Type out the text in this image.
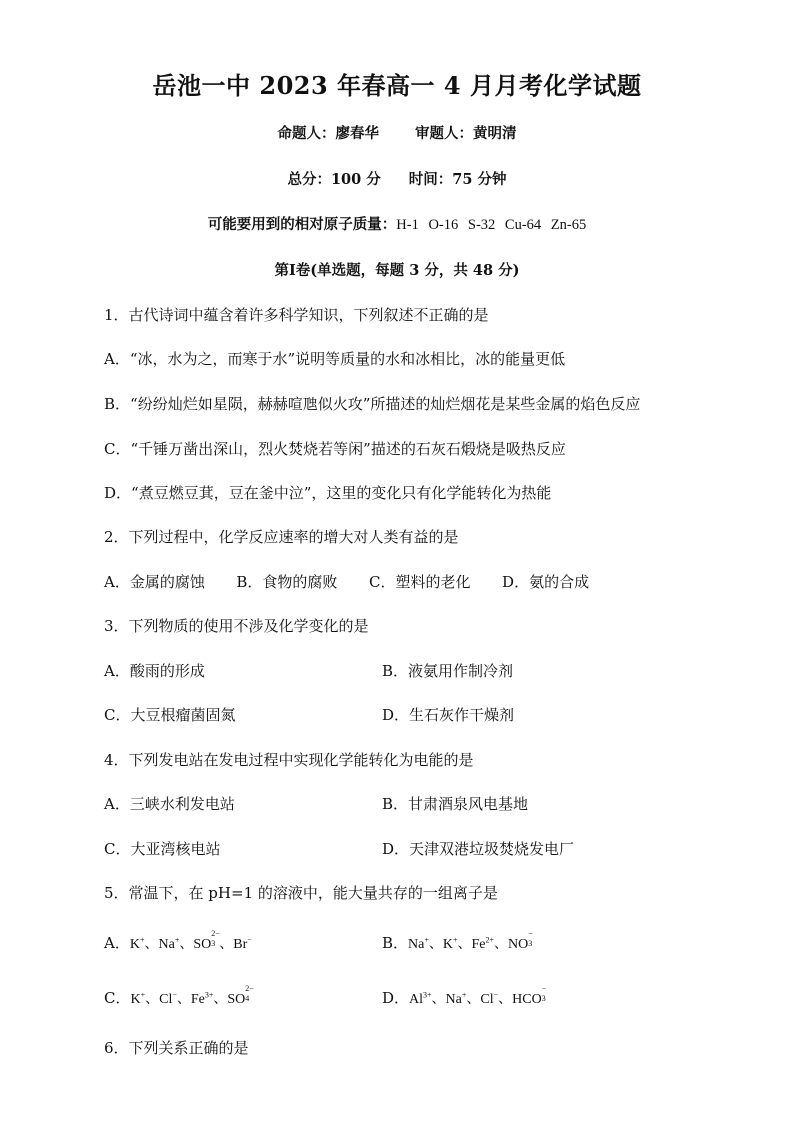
岳池一中 2023 年春高一 4 月月考化学试题
命题人：廖春华 审题人：黄明清
总分：100 分 时间：75 分钟
可能要用到的相对原子质量：H-1 O-16 S-32 Cu-64 Zn-65
第Ⅰ卷(单选题，每题 3 分，共 48 分)
1．古代诗词中蕴含着许多科学知识，下列叙述不正确的是
A．“冰，水为之，而寒于水”说明等质量的水和冰相比，冰的能量更低
B．“纷纷灿烂如星陨，赫赫喧虺似火攻”所描述的灿烂烟花是某些金属的焰色反应
C．“千锤万凿出深山，烈火焚烧若等闲”描述的石灰石煅烧是吸热反应
D．“煮豆燃豆萁，豆在釜中泣”，这里的变化只有化学能转化为热能
2．下列过程中，化学反应速率的增大对人类有益的是
A．金属的腐蚀 B．食物的腐败 C．塑料的老化 D．氨的合成
3．下列物质的使用不涉及化学变化的是
A．酸雨的形成	B．液氨用作制冷剂
C．大豆根瘤菌固氮	D．生石灰作干燥剂
4．下列发电站在发电过程中实现化学能转化为电能的是
A．三峡水利发电站	B．甘肃酒泉风电基地
C．大亚湾核电站	D．天津双港垃圾焚烧发电厂
5．常温下，在 pH=1 的溶液中，能大量共存的一组离子是
A．K+、Na+、SO
2−
3 、Br−	B．Na+、K+、$Fe^{2+}$、NO
−
3
C．K+、Cl−、$Fe^{3+}$、SO
2−
4	D．$Al^{3+}$、Na+、Cl−、HCO
−
3
6．下列关系正确的是
